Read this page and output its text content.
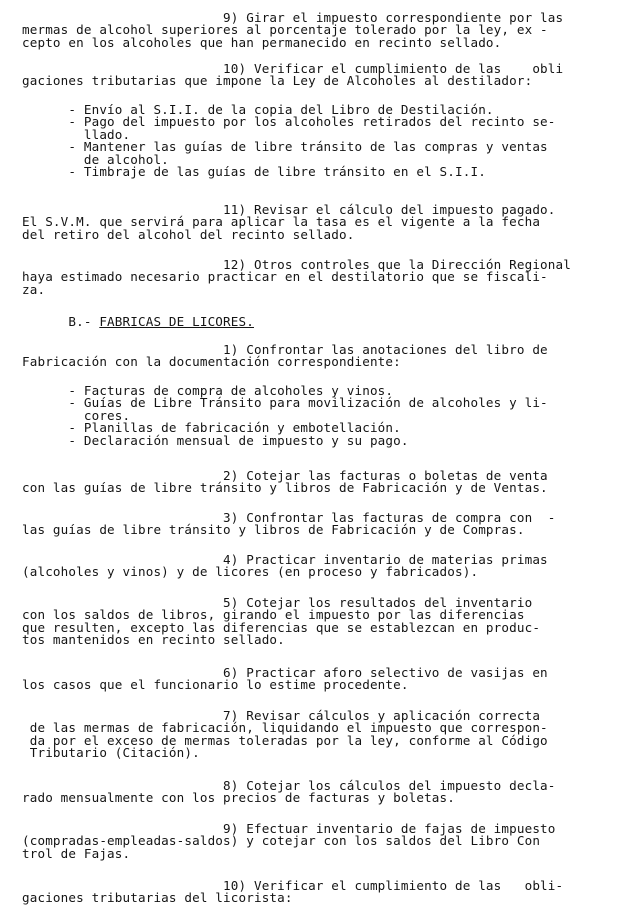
9) Girar el impuesto correspondiente por las
mermas de alcohol superiores al porcentaje tolerado por la ley, ex -
cepto en los alcoholes que han permanecido en recinto sellado.
10) Verificar el cumplimiento de las    obli
gaciones tributarias que impone la Ley de Alcoholes al destilador:
- Envío al S.I.I. de la copia del Libro de Destilación.
- Pago del impuesto por los alcoholes retirados del recinto se-
llado.
- Mantener las guías de libre tránsito de las compras y ventas
de alcohol.
- Timbraje de las guías de libre tránsito en el S.I.I.
11) Revisar el cálculo del impuesto pagado.
El S.V.M. que servirá para aplicar la tasa es el vigente a la fecha
del retiro del alcohol del recinto sellado.
12) Otros controles que la Dirección Regional
haya estimado necesario practicar en el destilatorio que se fiscali-
za.
B.- FABRICAS DE LICORES.
1) Confrontar las anotaciones del libro de
Fabricación con la documentación correspondiente:
- Facturas de compra de alcoholes y vinos.
- Guías de Libre Tránsito para movilización de alcoholes y li-
cores.
- Planillas de fabricación y embotellación.
- Declaración mensual de impuesto y su pago.
2) Cotejar las facturas o boletas de venta
con las guías de libre tránsito y libros de Fabricación y de Ventas.
3) Confrontar las facturas de compra con  -
las guías de libre tránsito y libros de Fabricación y de Compras.
4) Practicar inventario de materias primas
(alcoholes y vinos) y de licores (en proceso y fabricados).
5) Cotejar los resultados del inventario
con los saldos de libros, girando el impuesto por las diferencias
que resulten, excepto las diferencias que se establezcan en produc-
tos mantenidos en recinto sellado.
6) Practicar aforo selectivo de vasijas en
los casos que el funcionario lo estime procedente.
7) Revisar cálculos y aplicación correcta
de las mermas de fabricación, liquidando el impuesto que correspon-
da por el exceso de mermas toleradas por la ley, conforme al Código
Tributario (Citación).
8) Cotejar los cálculos del impuesto decla-
rado mensualmente con los precios de facturas y boletas.
9) Efectuar inventario de fajas de impuesto
(compradas-empleadas-saldos) y cotejar con los saldos del Libro Con
trol de Fajas.
10) Verificar el cumplimiento de las   obli-
gaciones tributarias del licorista:
